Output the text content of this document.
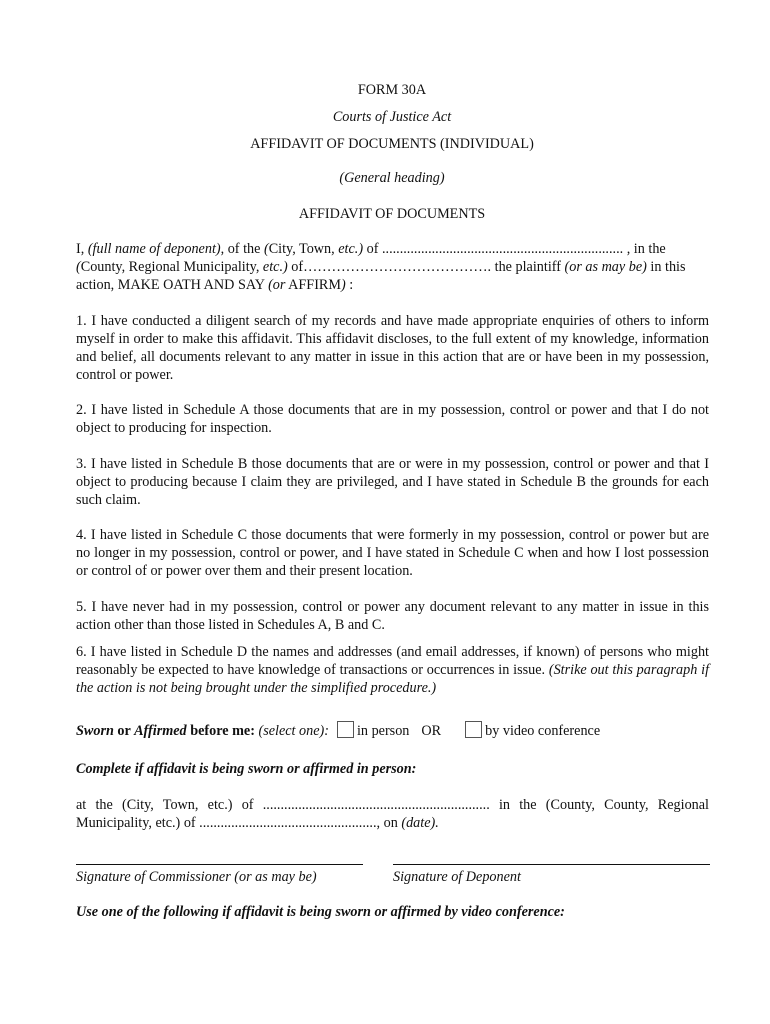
FORM 30A
Courts of Justice Act
AFFIDAVIT OF DOCUMENTS (INDIVIDUAL)
(General heading)
AFFIDAVIT OF DOCUMENTS
I, (full name of deponent), of the (City, Town, etc.) of .................................................................... , in the (County, Regional Municipality, etc.) of…………………………………. the plaintiff (or as may be) in this action, MAKE OATH AND SAY (or AFFIRM) :
1. I have conducted a diligent search of my records and have made appropriate enquiries of others to inform myself in order to make this affidavit. This affidavit discloses, to the full extent of my knowledge, information and belief, all documents relevant to any matter in issue in this action that are or have been in my possession, control or power.
2. I have listed in Schedule A those documents that are in my possession, control or power and that I do not object to producing for inspection.
3. I have listed in Schedule B those documents that are or were in my possession, control or power and that I object to producing because I claim they are privileged, and I have stated in Schedule B the grounds for each such claim.
4. I have listed in Schedule C those documents that were formerly in my possession, control or power but are no longer in my possession, control or power, and I have stated in Schedule C when and how I lost possession or control of or power over them and their present location.
5. I have never had in my possession, control or power any document relevant to any matter in issue in this action other than those listed in Schedules A, B and C.
6. I have listed in Schedule D the names and addresses (and email addresses, if known) of persons who might reasonably be expected to have knowledge of transactions or occurrences in issue. (Strike out this paragraph if the action is not being brought under the simplified procedure.)
Sworn or Affirmed before me: (select one): in person OR	by video conference
Complete if affidavit is being sworn or affirmed in person:
at the (City, Town, etc.) of ................................................................ in the (County, County, Regional Municipality, etc.) of .................................................., on (date).
Signature of Commissioner (or as may be)	Signature of Deponent
Use one of the following if affidavit is being sworn or affirmed by video conference:
